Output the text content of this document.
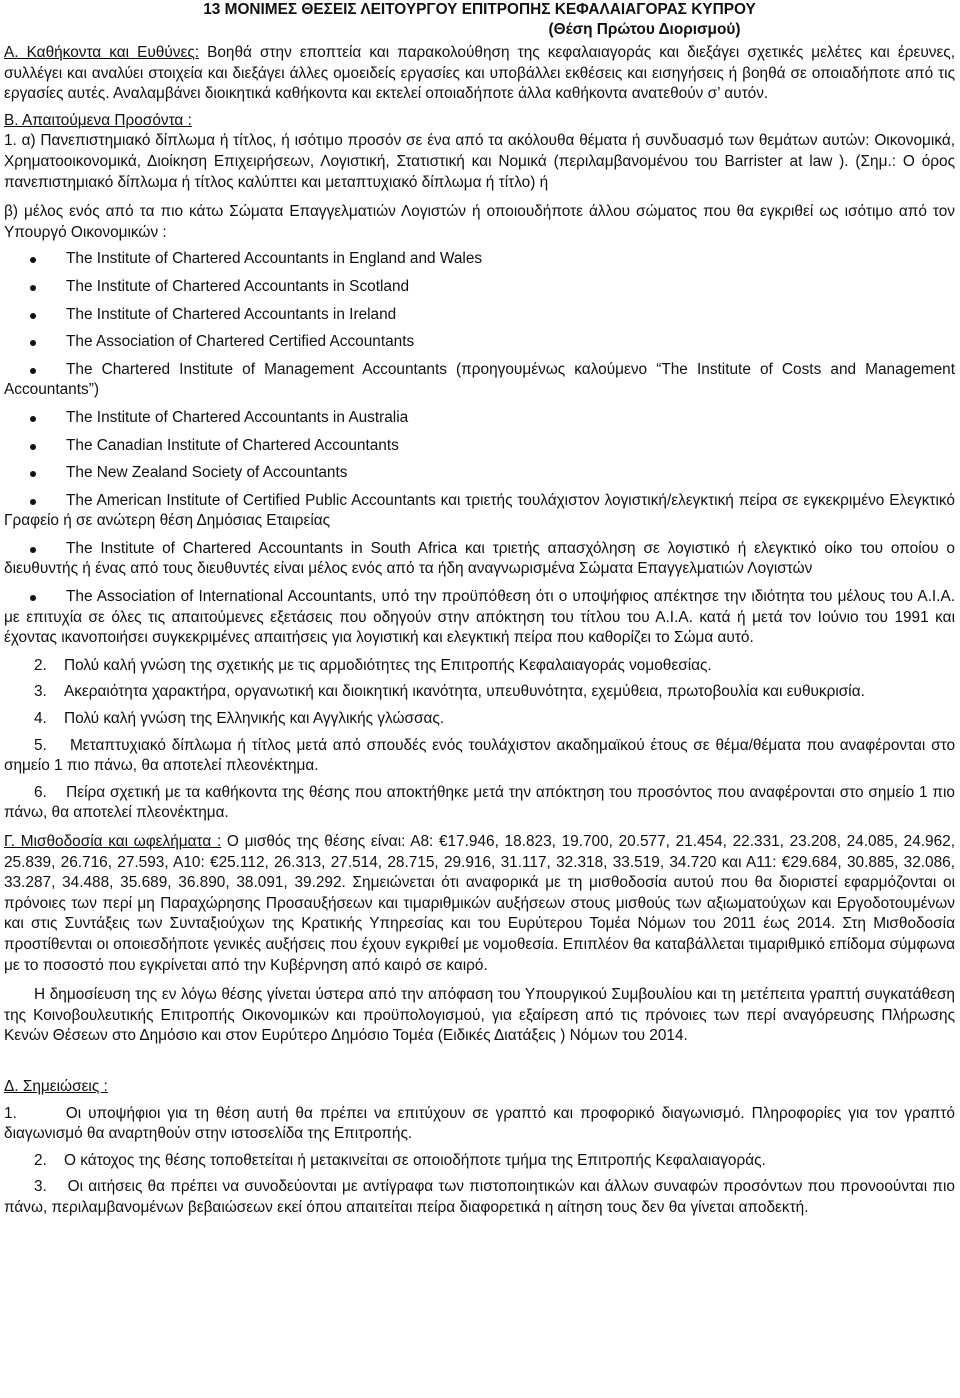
13 ΜΟΝΙΜΕΣ ΘΕΣΕΙΣ ΛΕΙΤΟΥΡΓΟΥ ΕΠΙΤΡΟΠΗΣ ΚΕΦΑΛΑΙΑΓΟΡΑΣ ΚΥΠΡΟΥ

(Θέση Πρώτου Διορισμού)

Α. Καθήκοντα και Ευθύνες: Βοηθά στην εποπτεία και παρακολούθηση της κεφαλαιαγοράς και διεξάγει σχετικές μελέτες και έρευνες, συλλέγει και αναλύει στοιχεία και διεξάγει άλλες ομοειδείς εργασίες και υποβάλλει εκθέσεις και εισηγήσεις ή βοηθά σε οποιαδήποτε από τις εργασίες αυτές. Αναλαμβάνει διοικητικά καθήκοντα και εκτελεί οποιαδήποτε άλλα καθήκοντα ανατεθούν σ’ αυτόν.

Β. Απαιτούμενα Προσόντα :

1. α) Πανεπιστημιακό δίπλωμα ή τίτλος, ή ισότιμο προσόν σε ένα από τα ακόλουθα θέματα ή συνδυασμό των θεμάτων αυτών: Οικονομικά, Χρηματοοικονομικά, Διοίκηση Επιχειρήσεων, Λογιστική, Στατιστική και Νομικά (περιλαμβανομένου του Barrister at law ). (Σημ.: Ο όρος πανεπιστημιακό δίπλωμα ή τίτλος καλύπτει και μεταπτυχιακό δίπλωμα ή τίτλο) ή

β) μέλος ενός από τα πιο κάτω Σώματα Επαγγελματιών Λογιστών ή οποιουδήποτε άλλου σώματος που θα εγκριθεί ως ισότιμο από τον Υπουργό Οικονομικών :

The Institute of Chartered Accountants in England and Wales
The Institute of Chartered Accountants in Scotland
The Institute of Chartered Accountants in Ireland
The Association of Chartered Certified Accountants
The Chartered Institute of Management Accountants (προηγουμένως καλούμενο “The Institute of Costs and Management Accountants”)
The Institute of Chartered Accountants in Australia
The Canadian Institute of Chartered Accountants
The New Zealand Society of Accountants
The American Institute of Certified Public Accountants και τριετής τουλάχιστον λογιστική/ελεγκτική πείρα σε εγκεκριμένο Ελεγκτικό Γραφείο ή σε ανώτερη θέση Δημόσιας Εταιρείας
The Institute of Chartered Accountants in South Africa και τριετής απασχόληση σε λογιστικό ή ελεγκτικό οίκο του οποίου ο διευθυντής ή ένας από τους διευθυντές είναι μέλος ενός από τα ήδη αναγνωρισμένα Σώματα Επαγγελματιών Λογιστών
The Association of International Accountants, υπό την προϋπόθεση ότι ο υποψήφιος απέκτησε την ιδιότητα του μέλους του Α.Ι.Α. με επιτυχία σε όλες τις απαιτούμενες εξετάσεις που οδηγούν στην απόκτηση του τίτλου του Α.Ι.Α. κατά ή μετά τον Ιούνιο του 1991 και έχοντας ικανοποιήσει συγκεκριμένες απαιτήσεις για λογιστική και ελεγκτική πείρα που καθορίζει το Σώμα αυτό.

2. Πολύ καλή γνώση της σχετικής με τις αρμοδιότητες της Επιτροπής Κεφαλαιαγοράς νομοθεσίας.

3. Ακεραιότητα χαρακτήρα, οργανωτική και διοικητική ικανότητα, υπευθυνότητα, εχεμύθεια, πρωτοβουλία και ευθυκρισία.

4. Πολύ καλή γνώση της Ελληνικής και Αγγλικής γλώσσας.

5. Μεταπτυχιακό δίπλωμα ή τίτλος μετά από σπουδές ενός τουλάχιστον ακαδημαϊκού έτους σε θέμα/θέματα που αναφέρονται στο σημείο 1 πιο πάνω, θα αποτελεί πλεονέκτημα.

6. Πείρα σχετική με τα καθήκοντα της θέσης που αποκτήθηκε μετά την απόκτηση του προσόντος που αναφέρονται στο σημείο 1 πιο πάνω, θα αποτελεί πλεονέκτημα.

Γ. Μισθοδοσία και ωφελήματα : Ο μισθός της θέσης είναι: Α8: €17.946, 18.823, 19.700, 20.577, 21.454, 22.331, 23.208, 24.085, 24.962, 25.839, 26.716, 27.593, Α10: €25.112, 26.313, 27.514, 28.715, 29.916, 31.117, 32.318, 33.519, 34.720 και Α11: €29.684, 30.885, 32.086, 33.287, 34.488, 35.689, 36.890, 38.091, 39.292. Σημειώνεται ότι αναφορικά με τη μισθοδοσία αυτού που θα διοριστεί εφαρμόζονται οι πρόνοιες των περί μη Παραχώρησης Προσαυξήσεων και τιμαριθμικών αυξήσεων στους μισθούς των αξιωματούχων και Εργοδοτουμένων και στις Συντάξεις των Συνταξιούχων της Κρατικής Υπηρεσίας και του Ευρύτερου Τομέα Νόμων του 2011 έως 2014. Στη Μισθοδοσία προστίθενται οι οποιεσδήποτε γενικές αυξήσεις που έχουν εγκριθεί με νομοθεσία. Επιπλέον θα καταβάλλεται τιμαριθμικό επίδομα σύμφωνα με το ποσοστό που εγκρίνεται από την Κυβέρνηση από καιρό σε καιρό.

Η δημοσίευση της εν λόγω θέσης γίνεται ύστερα από την απόφαση του Υπουργικού Συμβουλίου και τη μετέπειτα γραπτή συγκατάθεση της Κοινοβουλευτικής Επιτροπής Οικονομικών και προϋπολογισμού, για εξαίρεση από τις πρόνοιες των περί αναγόρευσης Πλήρωσης Κενών Θέσεων στο Δημόσιο και στον Ευρύτερο Δημόσιο Τομέα (Ειδικές Διατάξεις ) Νόμων του 2014.

Δ. Σημειώσεις :

1.	Οι υποψήφιοι για τη θέση αυτή θα πρέπει να επιτύχουν σε γραπτό και προφορικό διαγωνισμό. Πληροφορίες για τον γραπτό διαγωνισμό θα αναρτηθούν στην ιστοσελίδα της Επιτροπής.

2. Ο κάτοχος της θέσης τοποθετείται ή μετακινείται σε οποιοδήποτε τμήμα της Επιτροπής Κεφαλαιαγοράς.

3. Οι αιτήσεις θα πρέπει να συνοδεύονται με αντίγραφα των πιστοποιητικών και άλλων συναφών προσόντων που προνοούνται πιο πάνω, περιλαμβανομένων βεβαιώσεων εκεί όπου απαιτείται πείρα διαφορετικά η αίτηση τους δεν θα γίνεται αποδεκτή.
